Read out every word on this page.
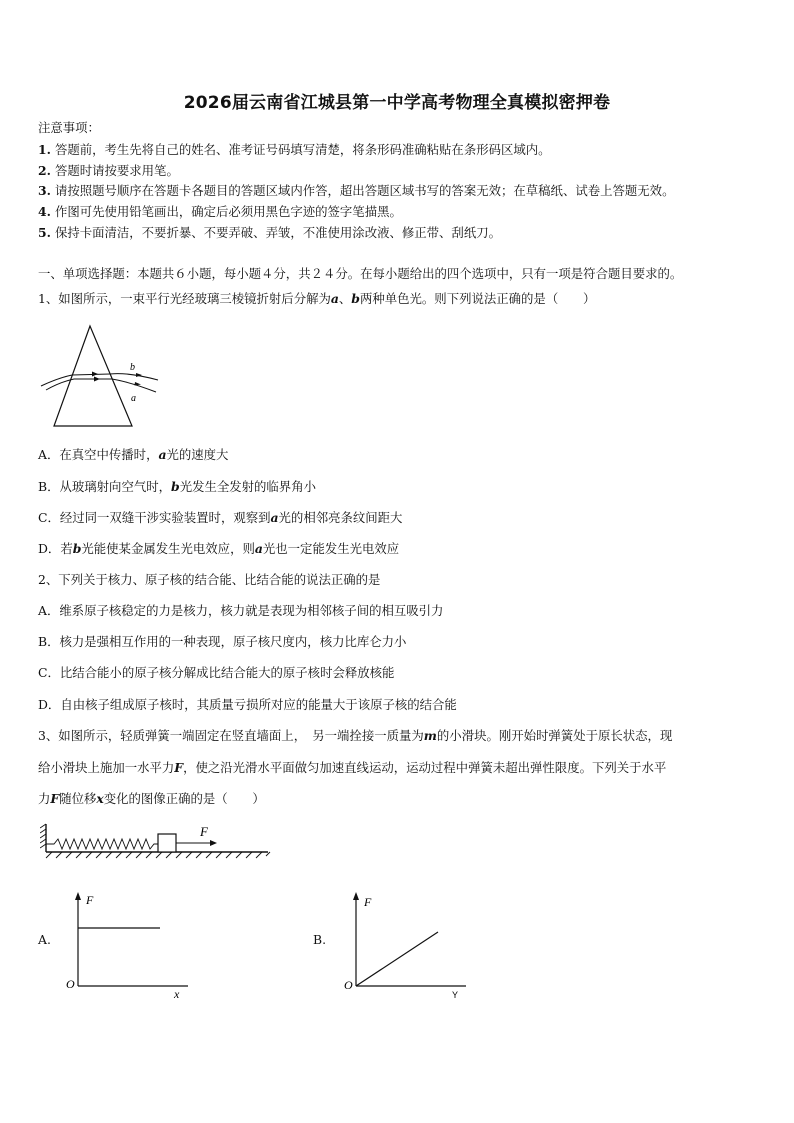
2026届云南省江城县第一中学高考物理全真模拟密押卷
注意事项：
1. 答题前，考生先将自己的姓名、准考证号码填写清楚，将条形码准确粘贴在条形码区域内。
2. 答题时请按要求用笔。
3. 请按照题号顺序在答题卡各题目的答题区域内作答，超出答题区域书写的答案无效；在草稿纸、试卷上答题无效。
4. 作图可先使用铅笔画出，确定后必须用黑色字迹的签字笔描黑。
5. 保持卡面清洁，不要折暴、不要弄破、弄皱，不准使用涂改液、修正带、刮纸刀。
一、单项选择题：本题共６小题，每小题４分，共２４分。在每小题给出的四个选项中，只有一项是符合题目要求的。
1、如图所示，一束平行光经玻璃三棱镜折射后分解为a、b两种单色光。则下列说法正确的是（　　）
b
a
A．在真空中传播时，a光的速度大
B．从玻璃射向空气时，b光发生全发射的临界角小
C．经过同一双缝干涉实验装置时，观察到a光的相邻亮条纹间距大
D．若b光能使某金属发生光电效应，则a光也一定能发生光电效应
2、下列关于核力、原子核的结合能、比结合能的说法正确的是
A．维系原子核稳定的力是核力，核力就是表现为相邻核子间的相互吸引力
B．核力是强相互作用的一种表现，原子核尺度内，核力比库仑力小
C．比结合能小的原子核分解成比结合能大的原子核时会释放核能
D．自由核子组成原子核时，其质量亏损所对应的能量大于该原子核的结合能
3、如图所示，轻质弹簧一端固定在竖直墙面上，　另一端拴接一质量为m的小滑块。刚开始时弹簧处于原长状态，现
给小滑块上施加一水平力F，使之沿光滑水平面做匀加速直线运动，运动过程中弹簧未超出弹性限度。下列关于水平
力F随位移x变化的图像正确的是（　　）
F
A.
F
O
x
B.
F
O
Y
